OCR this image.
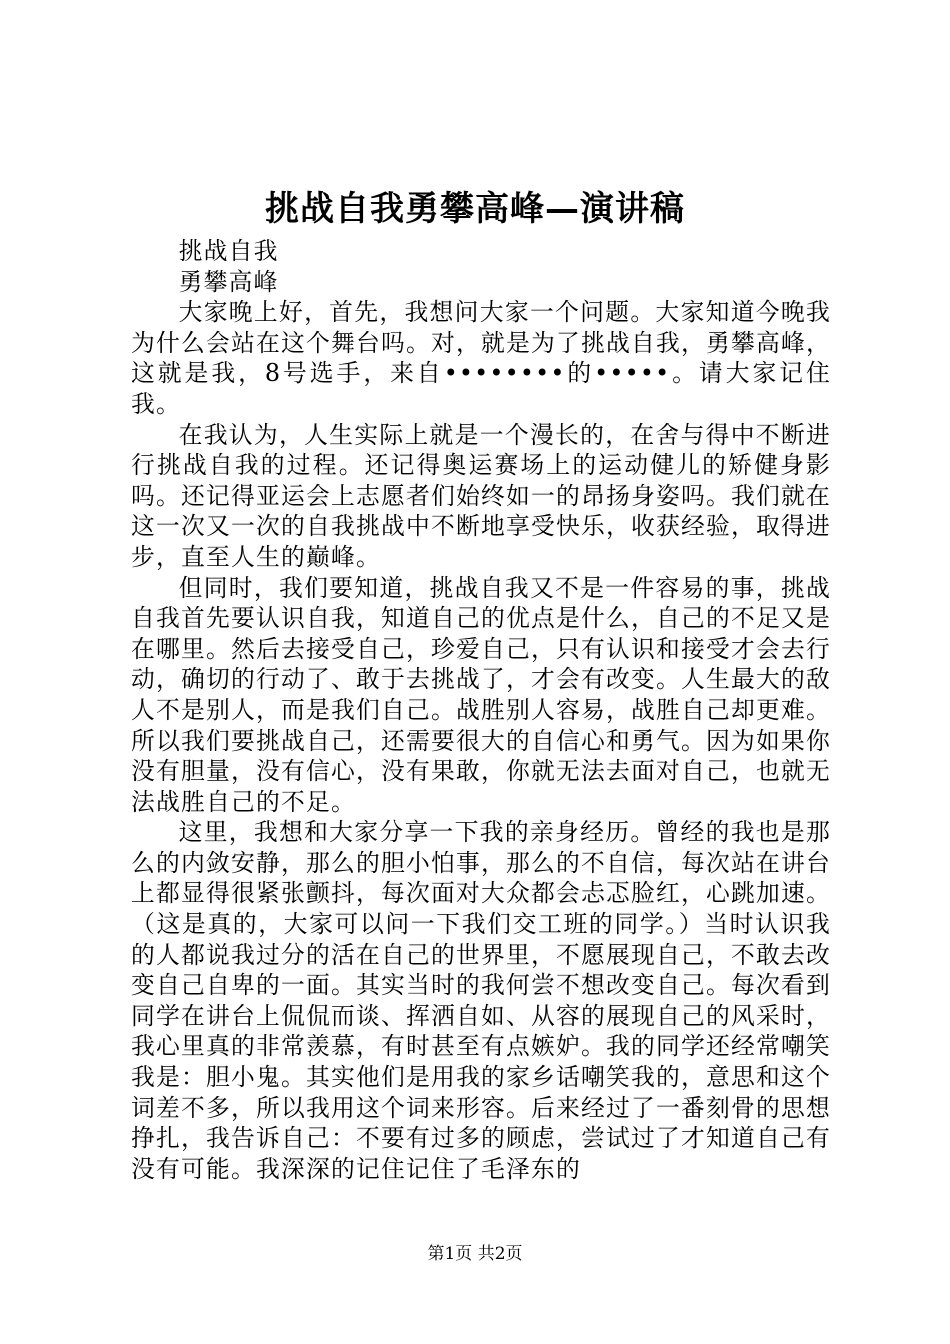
挑战自我勇攀高峰—演讲稿

挑战自我

勇攀高峰

大家晚上好，首先，我想问大家一个问题。大家知道今晚我为什么会站在这个舞台吗。对，就是为了挑战自我，勇攀高峰，这就是我，8号选手，来自••••••••的•••••。请大家记住我。

在我认为，人生实际上就是一个漫长的，在舍与得中不断进行挑战自我的过程。还记得奥运赛场上的运动健儿的矫健身影吗。还记得亚运会上志愿者们始终如一的昂扬身姿吗。我们就在这一次又一次的自我挑战中不断地享受快乐，收获经验，取得进步，直至人生的巅峰。

但同时，我们要知道，挑战自我又不是一件容易的事，挑战自我首先要认识自我，知道自己的优点是什么，自己的不足又是在哪里。然后去接受自己，珍爱自己，只有认识和接受才会去行动，确切的行动了、敢于去挑战了，才会有改变。人生最大的敌人不是别人，而是我们自己。战胜别人容易，战胜自己却更难。所以我们要挑战自己，还需要很大的自信心和勇气。因为如果你没有胆量，没有信心，没有果敢，你就无法去面对自己，也就无法战胜自己的不足。

这里，我想和大家分享一下我的亲身经历。曾经的我也是那么的内敛安静，那么的胆小怕事，那么的不自信，每次站在讲台上都显得很紧张颤抖，每次面对大众都会忐忑脸红，心跳加速。（这是真的，大家可以问一下我们交工班的同学。）当时认识我的人都说我过分的活在自己的世界里，不愿展现自己，不敢去改变自己自卑的一面。其实当时的我何尝不想改变自己。每次看到同学在讲台上侃侃而谈、挥洒自如、从容的展现自己的风采时，我心里真的非常羡慕，有时甚至有点嫉妒。我的同学还经常嘲笑我是：胆小鬼。其实他们是用我的家乡话嘲笑我的，意思和这个词差不多，所以我用这个词来形容。后来经过了一番刻骨的思想挣扎，我告诉自己：不要有过多的顾虑，尝试过了才知道自己有没有可能。我深深的记住记住了毛泽东的

第1页 共2页
